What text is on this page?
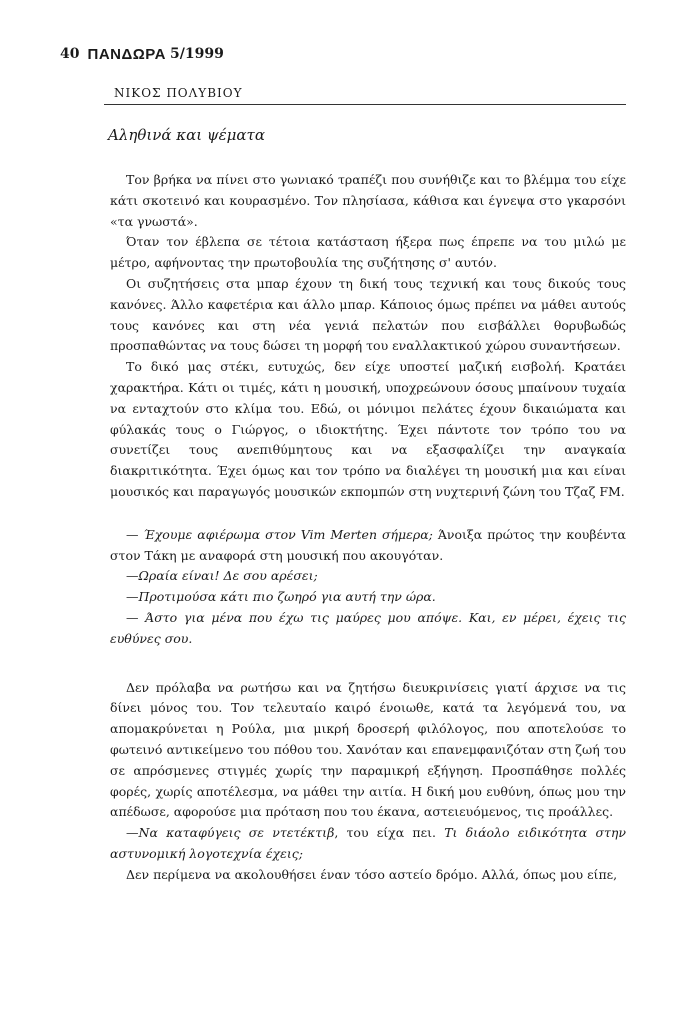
40 ΠΑΝΔΩΡΑ 5/1999
ΝΙΚΟΣ ΠΟΛΥΒΙΟΥ
Αληθινά και ψέματα

Τον βρήκα να πίνει στο γωνιακό τραπέζι που συνήθιζε και το βλέμμα του είχε κάτι σκοτεινό και κουρασμένο. Τον πλησίασα, κάθισα και έγνεψα στο γκαρσόνι «τα γνωστά».

Όταν τον έβλεπα σε τέτοια κατάσταση ήξερα πως έπρεπε να του μιλώ με μέτρο, αφήνοντας την πρωτοβουλία της συζήτησης σ' αυτόν.

Οι συζητήσεις στα μπαρ έχουν τη δική τους τεχνική και τους δικούς τους κανόνες. Άλλο καφετέρια και άλλο μπαρ. Κάποιος όμως πρέπει να μάθει αυτούς τους κανόνες και στη νέα γενιά πελατών που εισβάλλει θορυβωδώς προσπαθώντας να τους δώσει τη μορφή του εναλλακτικού χώρου συναντήσεων.

Το δικό μας στέκι, ευτυχώς, δεν είχε υποστεί μαζική εισβολή. Κρατάει χαρακτήρα. Κάτι οι τιμές, κάτι η μουσική, υποχρεώνουν όσους μπαίνουν τυχαία να ενταχτούν στο κλίμα του. Εδώ, οι μόνιμοι πελάτες έχουν δικαιώματα και φύλακάς τους ο Γιώργος, ο ιδιοκτήτης. Έχει πάντοτε τον τρόπο του να συνετίζει τους ανεπιθύμητους και να εξασφαλίζει την αναγκαία διακριτικότητα. Έχει όμως και τον τρόπο να διαλέγει τη μουσική μια και είναι μουσικός και παραγωγός μουσικών εκπομπών στη νυχτερινή ζώνη του Τζαζ FM.

— Έχουμε αφιέρωμα στον Vim Merten σήμερα; Άνοιξα πρώτος την κουβέντα στον Τάκη με αναφορά στη μουσική που ακουγόταν.

—Ωραία είναι! Δε σου αρέσει;

—Προτιμούσα κάτι πιο ζωηρό για αυτή την ώρα.

— Άστο για μένα που έχω τις μαύρες μου απόψε. Και, εν μέρει, έχεις τις ευθύνες σου.

Δεν πρόλαβα να ρωτήσω και να ζητήσω διευκρινίσεις γιατί άρχισε να τις δίνει μόνος του. Τον τελευταίο καιρό ένοιωθε, κατά τα λεγόμενά του, να απομακρύνεται η Ρούλα, μια μικρή δροσερή φιλόλογος, που αποτελούσε το φωτεινό αντικείμενο του πόθου του. Χανόταν και επανεμφανιζόταν στη ζωή του σε απρόσμενες στιγμές χωρίς την παραμικρή εξήγηση. Προσπάθησε πολλές φορές, χωρίς αποτέλεσμα, να μάθει την αιτία. Η δική μου ευθύνη, όπως μου την απέδωσε, αφορούσε μια πρόταση που του έκανα, αστειευόμενος, τις προάλλες.

—Να καταφύγεις σε ντετέκτιβ, του είχα πει. Τι διάολο ειδικότητα στην αστυνομική λογοτεχνία έχεις;

Δεν περίμενα να ακολουθήσει έναν τόσο αστείο δρόμο. Αλλά, όπως μου είπε,
